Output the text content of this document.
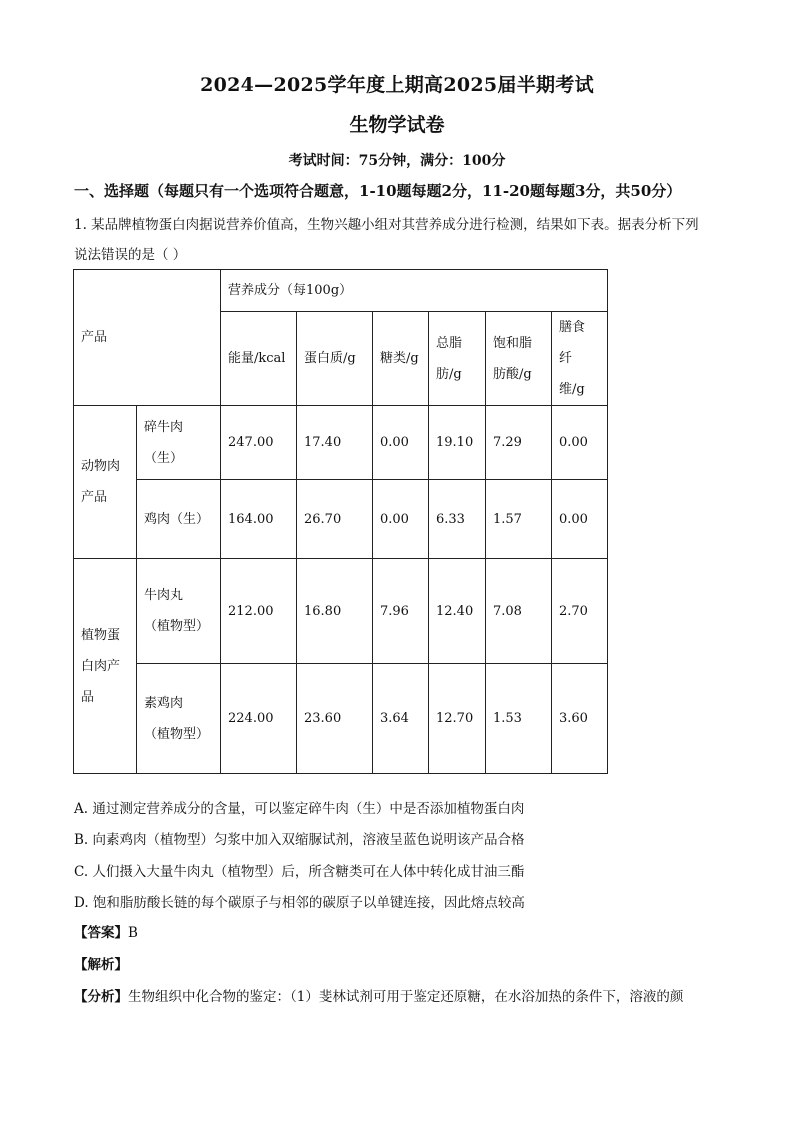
2024—2025学年度上期高2025届半期考试
生物学试卷
考试时间：75分钟，满分：100分
一、选择题（每题只有一个选项符合题意，1-10题每题2分，11-20题每题3分，共50分）
1. 某品牌植物蛋白肉据说营养价值高，生物兴趣小组对其营养成分进行检测，结果如下表。据表分析下列
说法错误的是（ ）
产品		营养成分（每100g）					
		能量/kcal	蛋白质/g	糖类/g	总脂肪/g	饱和脂肪酸/g	膳食纤维/g
动物肉产品	碎牛肉（生）	247.00	17.40	0.00	19.10	7.29	0.00
	鸡肉（生）	164.00	26.70	0.00	6.33	1.57	0.00
植物蛋白肉产品	牛肉丸（植物型）	212.00	16.80	7.96	12.40	7.08	2.70
	素鸡肉（植物型）	224.00	23.60	3.64	12.70	1.53	3.60
A. 通过测定营养成分的含量，可以鉴定碎牛肉（生）中是否添加植物蛋白肉
B. 向素鸡肉（植物型）匀浆中加入双缩脲试剂，溶液呈蓝色说明该产品合格
C. 人们摄入大量牛肉丸（植物型）后，所含糖类可在人体中转化成甘油三酯
D. 饱和脂肪酸长链的每个碳原子与相邻的碳原子以单键连接，因此熔点较高
【答案】B
【解析】
【分析】生物组织中化合物的鉴定：（1）斐林试剂可用于鉴定还原糖，在水浴加热的条件下，溶液的颜
